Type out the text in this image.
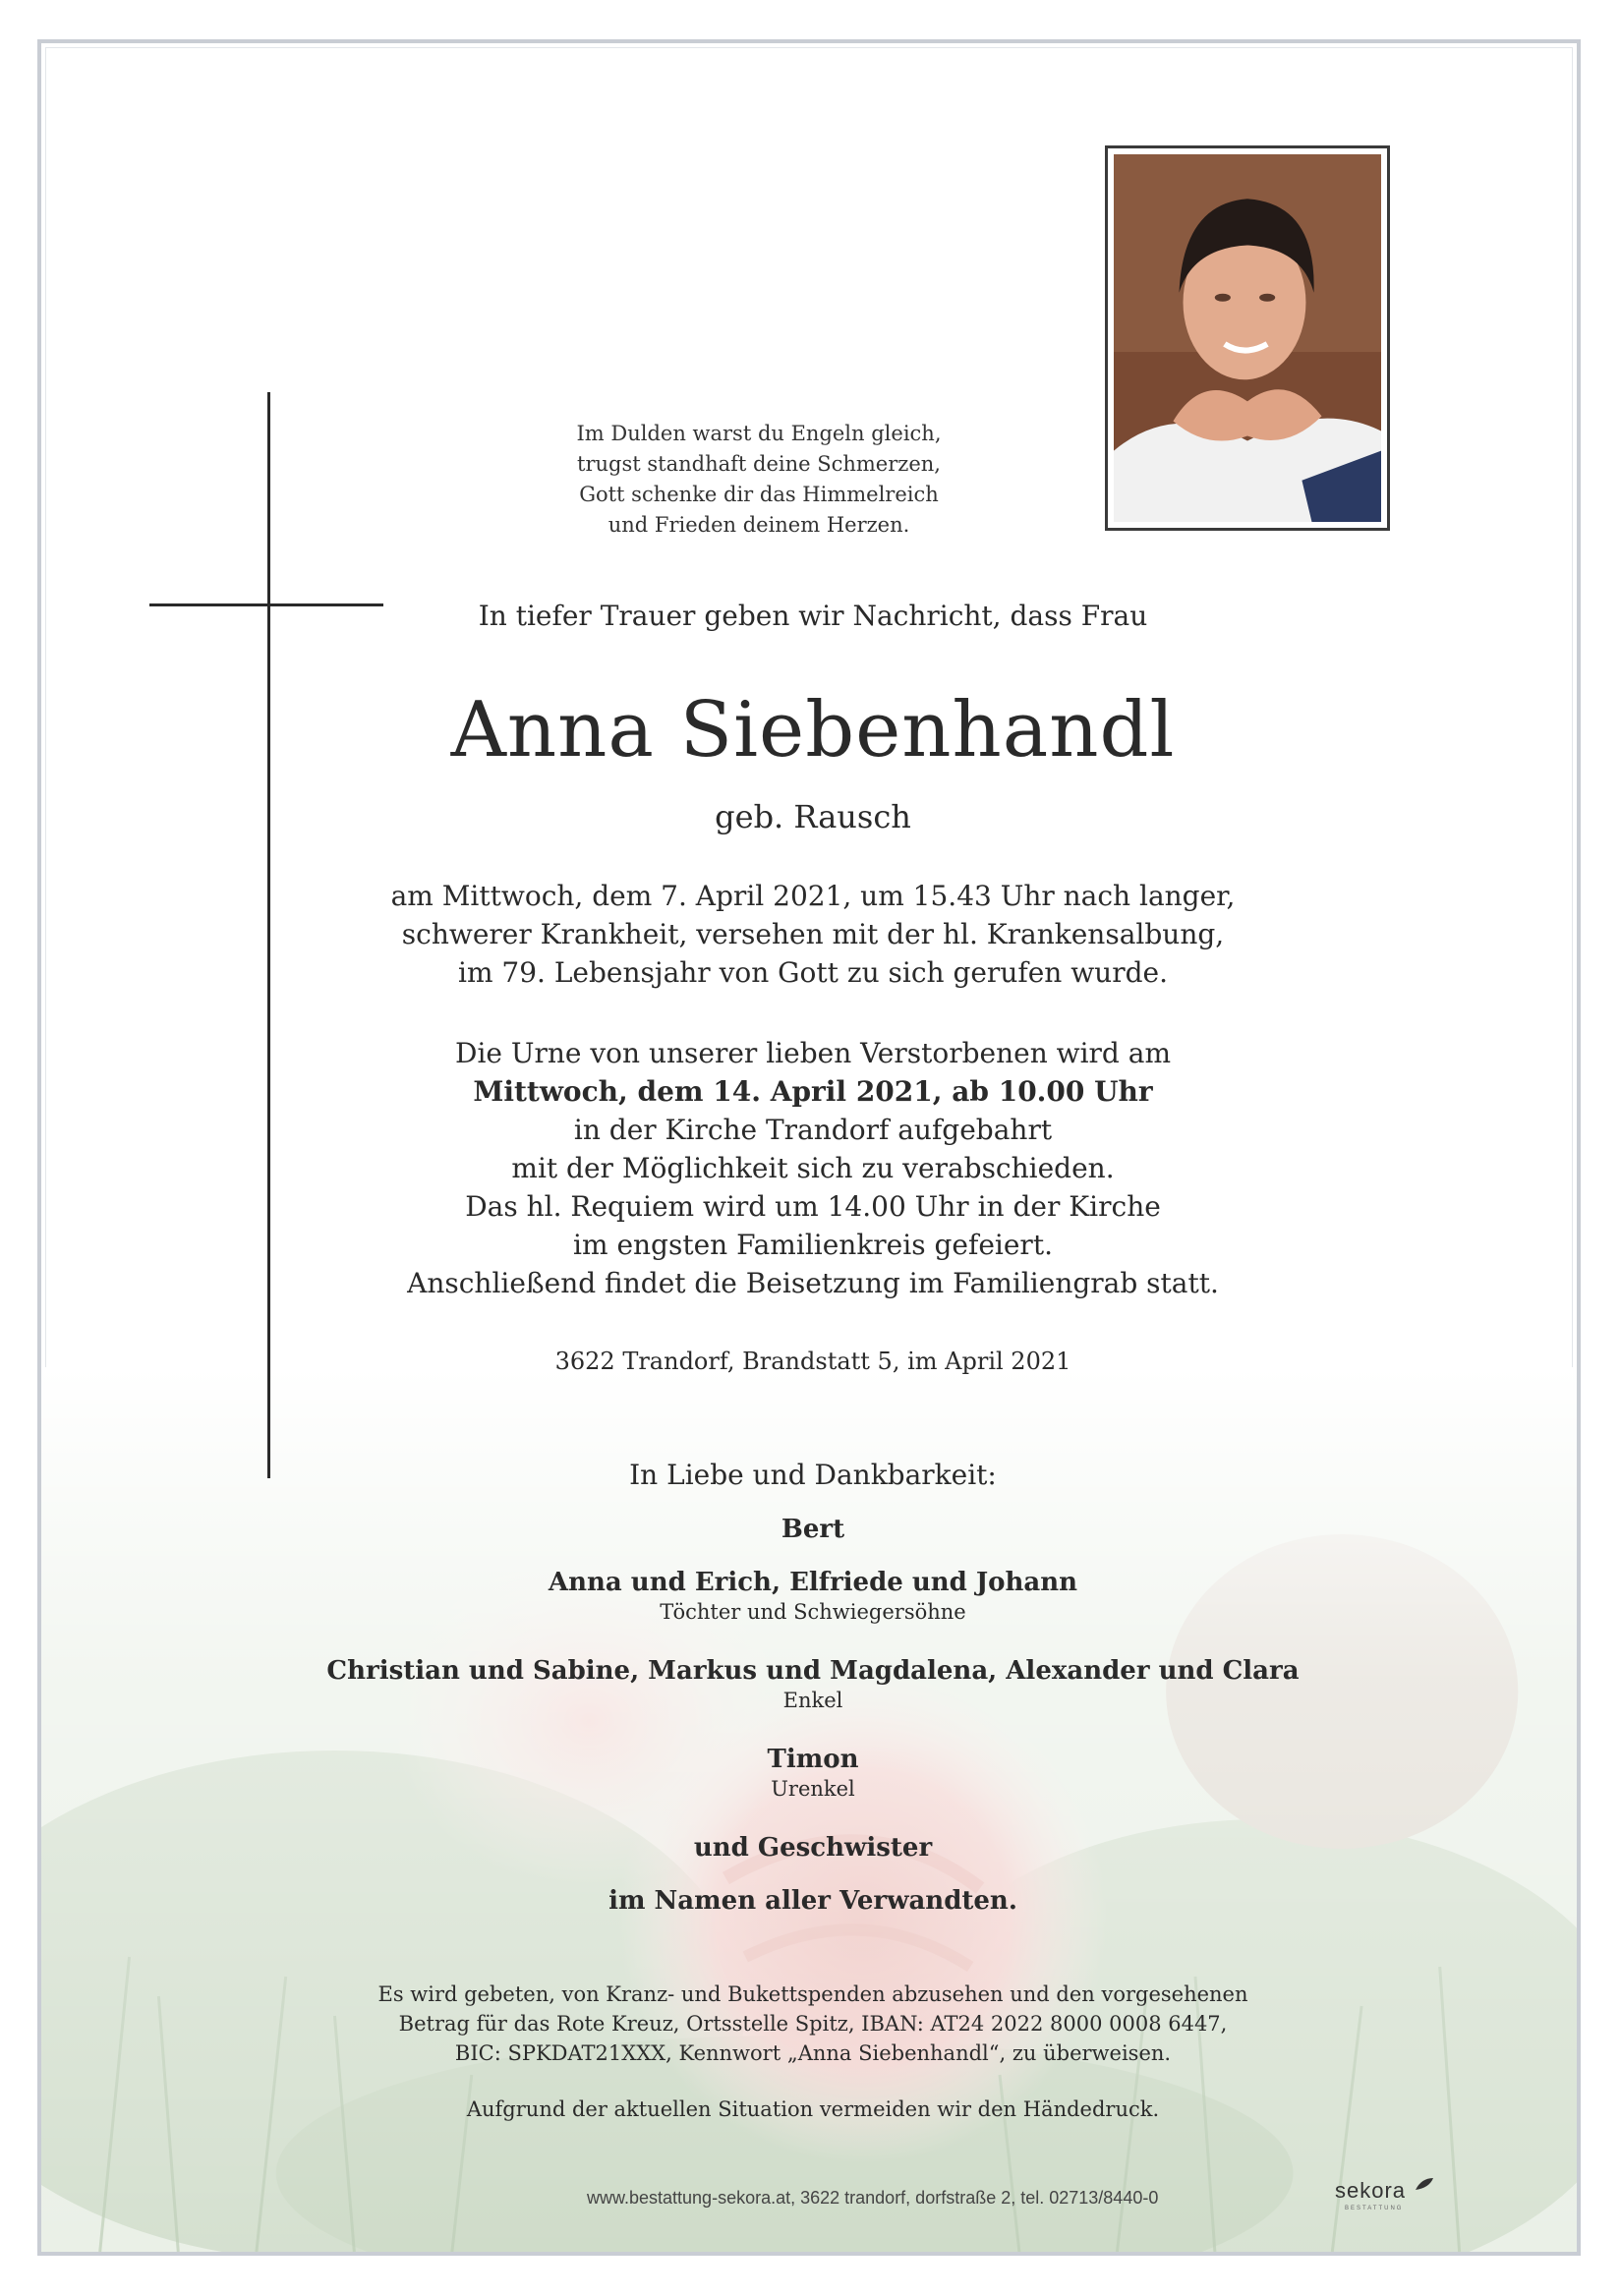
Im Dulden warst du Engeln gleich,
trugst standhaft deine Schmerzen,
Gott schenke dir das Himmelreich
und Frieden deinem Herzen.
In tiefer Trauer geben wir Nachricht, dass Frau
Anna Siebenhandl
geb. Rausch
am Mittwoch, dem 7. April 2021, um 15.43 Uhr nach langer,
schwerer Krankheit, versehen mit der hl. Krankensalbung,
im 79. Lebensjahr von Gott zu sich gerufen wurde.
Die Urne von unserer lieben Verstorbenen wird am
Mittwoch, dem 14. April 2021, ab 10.00 Uhr
in der Kirche Trandorf aufgebahrt
mit der Möglichkeit sich zu verabschieden.
Das hl. Requiem wird um 14.00 Uhr in der Kirche
im engsten Familienkreis gefeiert.
Anschließend findet die Beisetzung im Familiengrab statt.
3622 Trandorf, Brandstatt 5, im April 2021
In Liebe und Dankbarkeit:
Bert
Anna und Erich, Elfriede und Johann
Töchter und Schwiegersöhne
Christian und Sabine, Markus und Magdalena, Alexander und Clara
Enkel
Timon
Urenkel
und Geschwister
im Namen aller Verwandten.
Es wird gebeten, von Kranz- und Bukettspenden abzusehen und den vorgesehenen
Betrag für das Rote Kreuz, Ortsstelle Spitz, IBAN: AT24 2022 8000 0008 6447,
BIC: SPKDAT21XXX, Kennwort „Anna Siebenhandl“, zu überweisen.
Aufgrund der aktuellen Situation vermeiden wir den Händedruck.
www.bestattung-sekora.at, 3622 trandorf, dorfstraße 2, tel. 02713/8440-0	sekora
BESTATTUNG
